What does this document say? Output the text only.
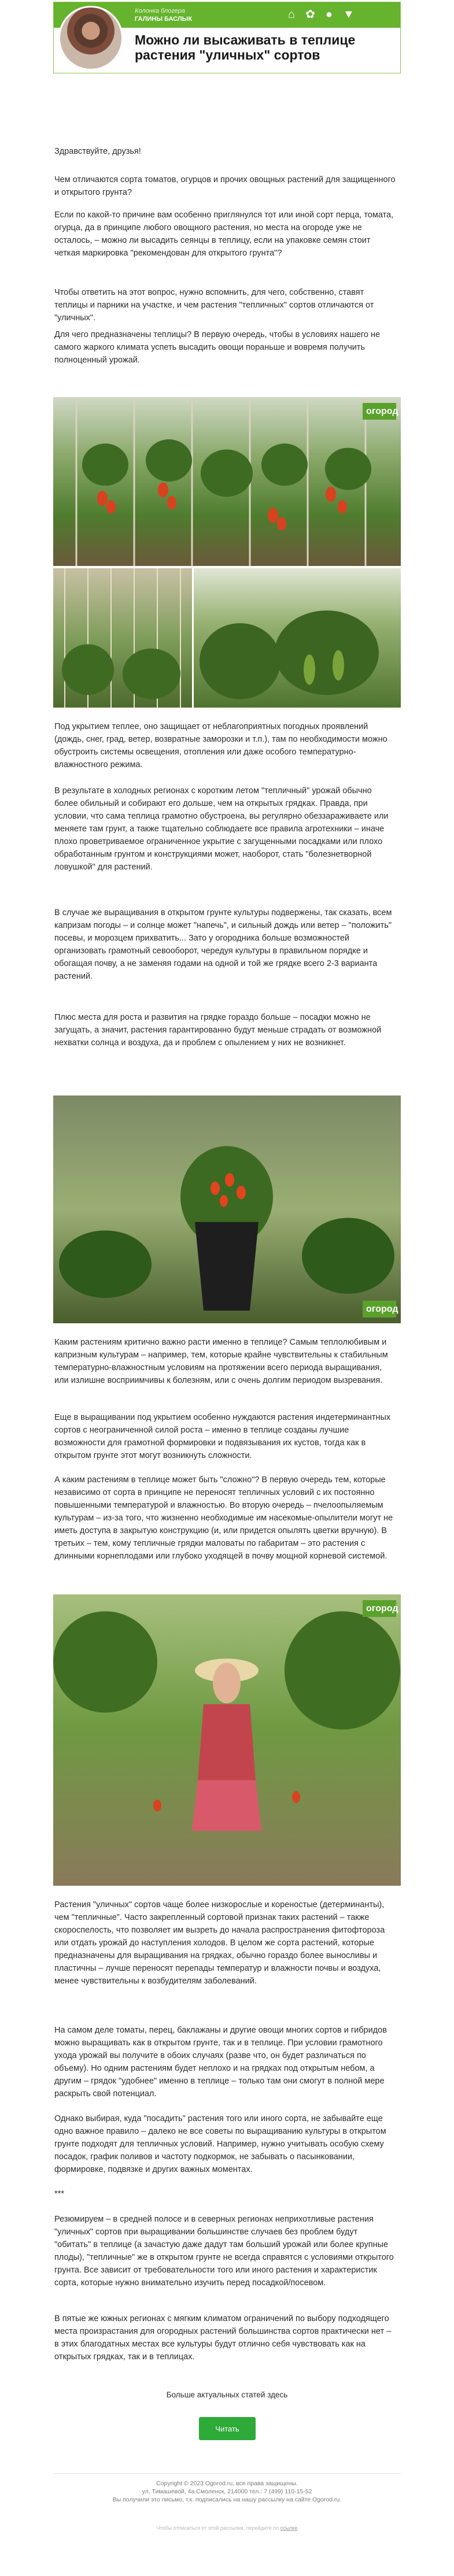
Колонка блогера
ГАЛИНЫ БАСЛЫК	⌂ ✿ ● ▼
Можно ли высаживать в теплице растения "уличных" сортов

Здравствуйте, друзья!

Чем отличаются сорта томатов, огурцов и прочих овощных растений для защищенного и открытого грунта?

Если по какой-то причине вам особенно приглянулся тот или иной сорт перца, томата, огурца, да в принципе любого овощного растения, но места на огороде уже не осталось, – можно ли высадить сеянцы в теплицу, если на упаковке семян стоит четкая маркировка "рекомендован для открытого грунта"?

Чтобы ответить на этот вопрос, нужно вспомнить, для чего, собственно, ставят теплицы и парники на участке, и чем растения "тепличных" сортов отличаются от "уличных".

Для чего предназначены теплицы? В первую очередь, чтобы в условиях нашего не самого жаркого климата успеть высадить овощи пораньше и вовремя получить полноценный урожай.

огород

Под укрытием теплее, оно защищает от неблагоприятных погодных проявлений (дождь, снег, град, ветер, возвратные заморозки и т.п.), там по необходимости можно обустроить системы освещения, отопления или даже особого температурно-влажностного режима.

В результате в холодных регионах с коротким летом "тепличный" урожай обычно более обильный и собирают его дольше, чем на открытых грядках. Правда, при условии, что сама теплица грамотно обустроена, вы регулярно обеззараживаете или меняете там грунт, а также тщательно соблюдаете все правила агротехники – иначе плохо проветриваемое ограниченное укрытие с загущенными посадками или плохо обработанным грунтом и конструкциями может, наоборот, стать "болезнетворной ловушкой" для растений.

В случае же выращивания в открытом грунте культуры подвержены, так сказать, всем капризам погоды – и солнце может "напечь", и сильный дождь или ветер – "положить" посевы, и морозцем прихватить... Зато у огородника больше возможностей организовать грамотный севооборот, чередуя культуры в правильном порядке и обогащая почву, а не заменяя годами на одной и той же грядке всего 2-3 варианта растений.

Плюс места для роста и развития на грядке гораздо больше – посадки можно не загущать, а значит, растения гарантированно будут меньше страдать от возможной нехватки солнца и воздуха, да и проблем с опылением у них не возникнет.

огород

Каким растениям критично важно расти именно в теплице? Самым теплолюбивым и капризным культурам – например, тем, которые крайне чувствительны к стабильным температурно-влажностным условиям на протяжении всего периода выращивания, или излишне восприимчивы к болезням, или с очень долгим периодом вызревания.

Еще в выращивании под укрытием особенно нуждаются растения индетерминантных сортов с неограниченной силой роста – именно в теплице созданы лучшие возможности для грамотной формировки и подвязывания их кустов, тогда как в открытом грунте этот могут возникнуть сложности.

А каким растениям в теплице может быть "сложно"? В первую очередь тем, которые независимо от сорта в принципе не переносят тепличных условий с их постоянно повышенными температурой и влажностью. Во вторую очередь – пчелоопыляемым культурам – из-за того, что жизненно необходимые им насекомые-опылители могут не иметь доступа в закрытую конструкцию (и, или придется опылять цветки вручную). В третьих – тем, кому тепличные грядки маловаты по габаритам – это растения с длинными корнеплодами или глубоко уходящей в почву мощной корневой системой.

огород

Растения "уличных" сортов чаще более низкорослые и кореностые (детерминанты), чем "тепличные". Часто закрепленный сортовой признак таких растений – также скороспелость, что позволяет им вызреть до начала распространения фитофтороза или отдать урожай до наступления холодов. В целом же сорта растений, которые предназначены для выращивания на грядках, обычно гораздо более выносливы и пластичны – лучше переносят перепады температур и влажности почвы и воздуха, менее чувствительны к возбудителям заболеваний.

На самом деле томаты, перец, баклажаны и другие овощи многих сортов и гибридов можно выращивать как в открытом грунте, так и в теплице. При условии грамотного ухода урожай вы получите в обоих случаях (разве что, он будет различаться по объему). Но одним растениям будет неплохо и на грядках под открытым небом, а другим – грядок "удобнее" именно в теплице – только там они смогут в полной мере раскрыть свой потенциал.

Однако выбирая, куда "посадить" растения того или иного сорта, не забывайте еще одно важное правило – далеко не все советы по выращиванию культуры в открытом грунте подходят для тепличных условий. Например, нужно учитывать особую схему посадок, график поливов и частоту подкормок, не забывать о пасынковании, формировке, подвязке и других важных моментах.

***

Резюмируем – в средней полосе и в северных регионах неприхотливые растения "уличных" сортов при выращивании большинстве случаев без проблем будут "обитать" в теплице (а зачастую даже дадут там больший урожай или более крупные плоды), "тепличные" же в открытом грунте не всегда справятся с условиями открытого грунта. Все зависит от требовательности того или иного растения и характеристик сорта, которые нужно внимательно изучить перед посадкой/посевом.

В пятые же южных регионах с мягким климатом ограничений по выбору подходящего места произрастания для огородных растений большинства сортов практически нет – в этих благодатных местах все культуры будут отлично себя чувствовать как на открытых грядках, так и в теплицах.

Больше актуальных статей здесь
Читать
Copyright © 2023 Ogorod.ru, все права защищены.
ул. Тимашевой, 4а Смоленск, 214000 тел.: 7 (499) 110-15-52
Вы получили это письмо, т.к. подписались на нашу рассылку на сайте Ogorod.ru.
Чтобы отписаться от этой рассылки, перейдите по ссылке
